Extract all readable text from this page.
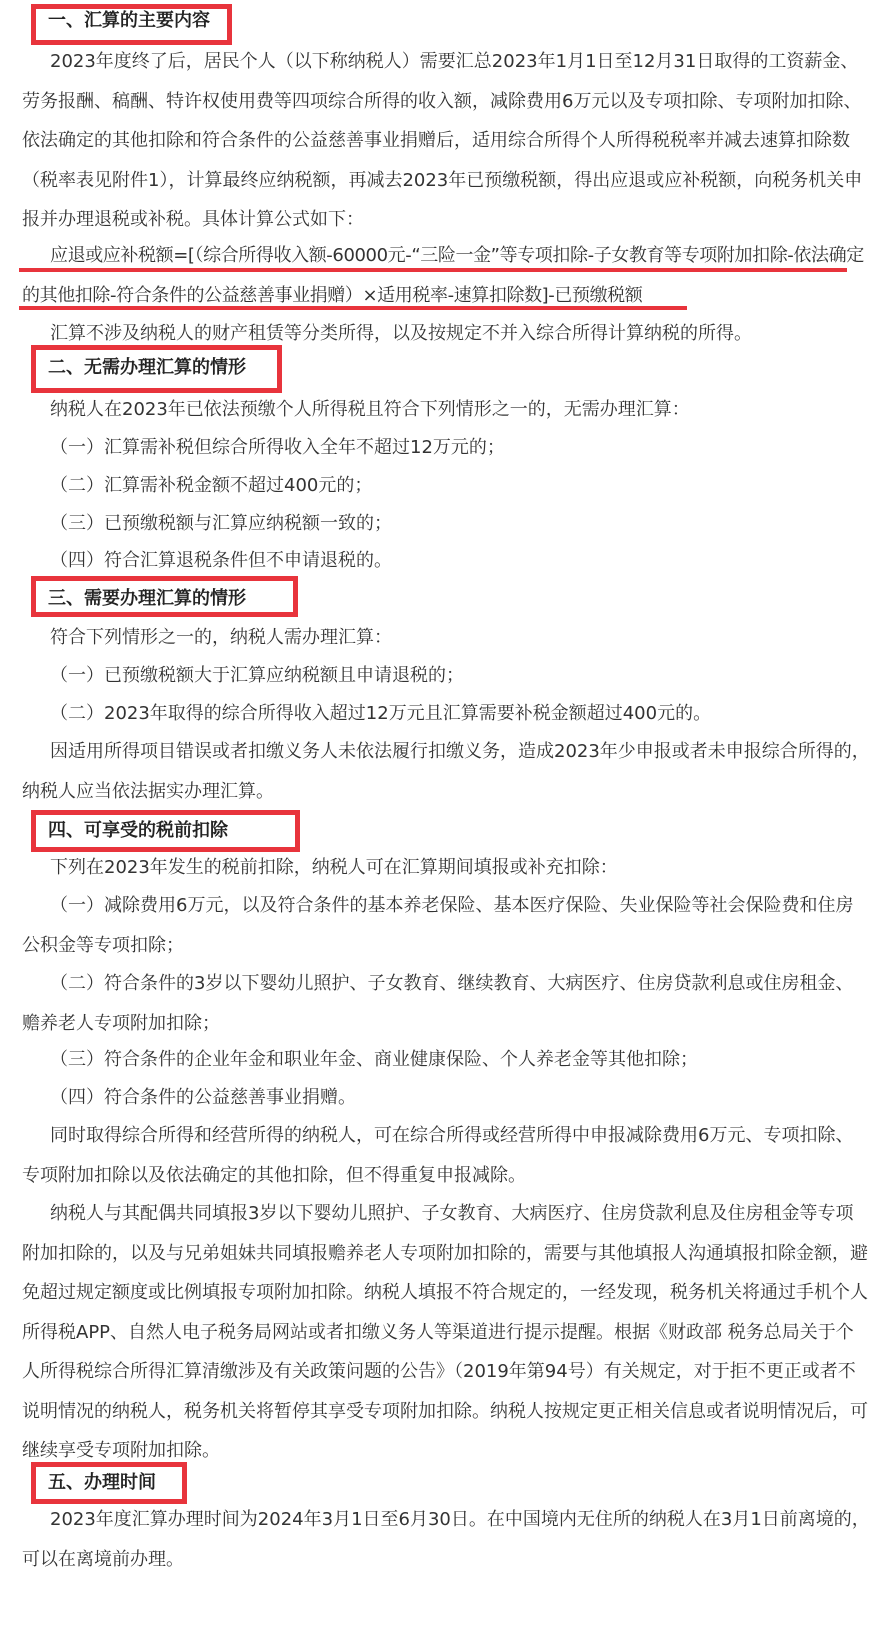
一、汇算的主要内容
2023年度终了后，居民个人（以下称纳税人）需要汇总2023年1月1日至12月31日取得的工资薪金、劳务报酬、稿酬、特许权使用费等四项综合所得的收入额，减除费用6万元以及专项扣除、专项附加扣除、依法确定的其他扣除和符合条件的公益慈善事业捐赠后，适用综合所得个人所得税税率并减去速算扣除数（税率表见附件1），计算最终应纳税额，再减去2023年已预缴税额，得出应退或应补税额，向税务机关申报并办理退税或补税。具体计算公式如下：
应退或应补税额=[（综合所得收入额-60000元-“三险一金”等专项扣除-子女教育等专项附加扣除-依法确定的其他扣除-符合条件的公益慈善事业捐赠）×适用税率-速算扣除数]-已预缴税额
汇算不涉及纳税人的财产租赁等分类所得，以及按规定不并入综合所得计算纳税的所得。
二、无需办理汇算的情形
纳税人在2023年已依法预缴个人所得税且符合下列情形之一的，无需办理汇算：
（一）汇算需补税但综合所得收入全年不超过12万元的；
（二）汇算需补税金额不超过400元的；
（三）已预缴税额与汇算应纳税额一致的；
（四）符合汇算退税条件但不申请退税的。
三、需要办理汇算的情形
符合下列情形之一的，纳税人需办理汇算：
（一）已预缴税额大于汇算应纳税额且申请退税的；
（二）2023年取得的综合所得收入超过12万元且汇算需要补税金额超过400元的。
因适用所得项目错误或者扣缴义务人未依法履行扣缴义务，造成2023年少申报或者未申报综合所得的，纳税人应当依法据实办理汇算。
四、可享受的税前扣除
下列在2023年发生的税前扣除，纳税人可在汇算期间填报或补充扣除：
（一）减除费用6万元，以及符合条件的基本养老保险、基本医疗保险、失业保险等社会保险费和住房公积金等专项扣除；
（二）符合条件的3岁以下婴幼儿照护、子女教育、继续教育、大病医疗、住房贷款利息或住房租金、赡养老人专项附加扣除；
（三）符合条件的企业年金和职业年金、商业健康保险、个人养老金等其他扣除；
（四）符合条件的公益慈善事业捐赠。
同时取得综合所得和经营所得的纳税人，可在综合所得或经营所得中申报减除费用6万元、专项扣除、专项附加扣除以及依法确定的其他扣除，但不得重复申报减除。
纳税人与其配偶共同填报3岁以下婴幼儿照护、子女教育、大病医疗、住房贷款利息及住房租金等专项附加扣除的，以及与兄弟姐妹共同填报赡养老人专项附加扣除的，需要与其他填报人沟通填报扣除金额，避免超过规定额度或比例填报专项附加扣除。纳税人填报不符合规定的，一经发现，税务机关将通过手机个人所得税APP、自然人电子税务局网站或者扣缴义务人等渠道进行提示提醒。根据《财政部 税务总局关于个人所得税综合所得汇算清缴涉及有关政策问题的公告》（2019年第94号）有关规定，对于拒不更正或者不说明情况的纳税人，税务机关将暂停其享受专项附加扣除。纳税人按规定更正相关信息或者说明情况后，可继续享受专项附加扣除。
五、办理时间
2023年度汇算办理时间为2024年3月1日至6月30日。在中国境内无住所的纳税人在3月1日前离境的，可以在离境前办理。
